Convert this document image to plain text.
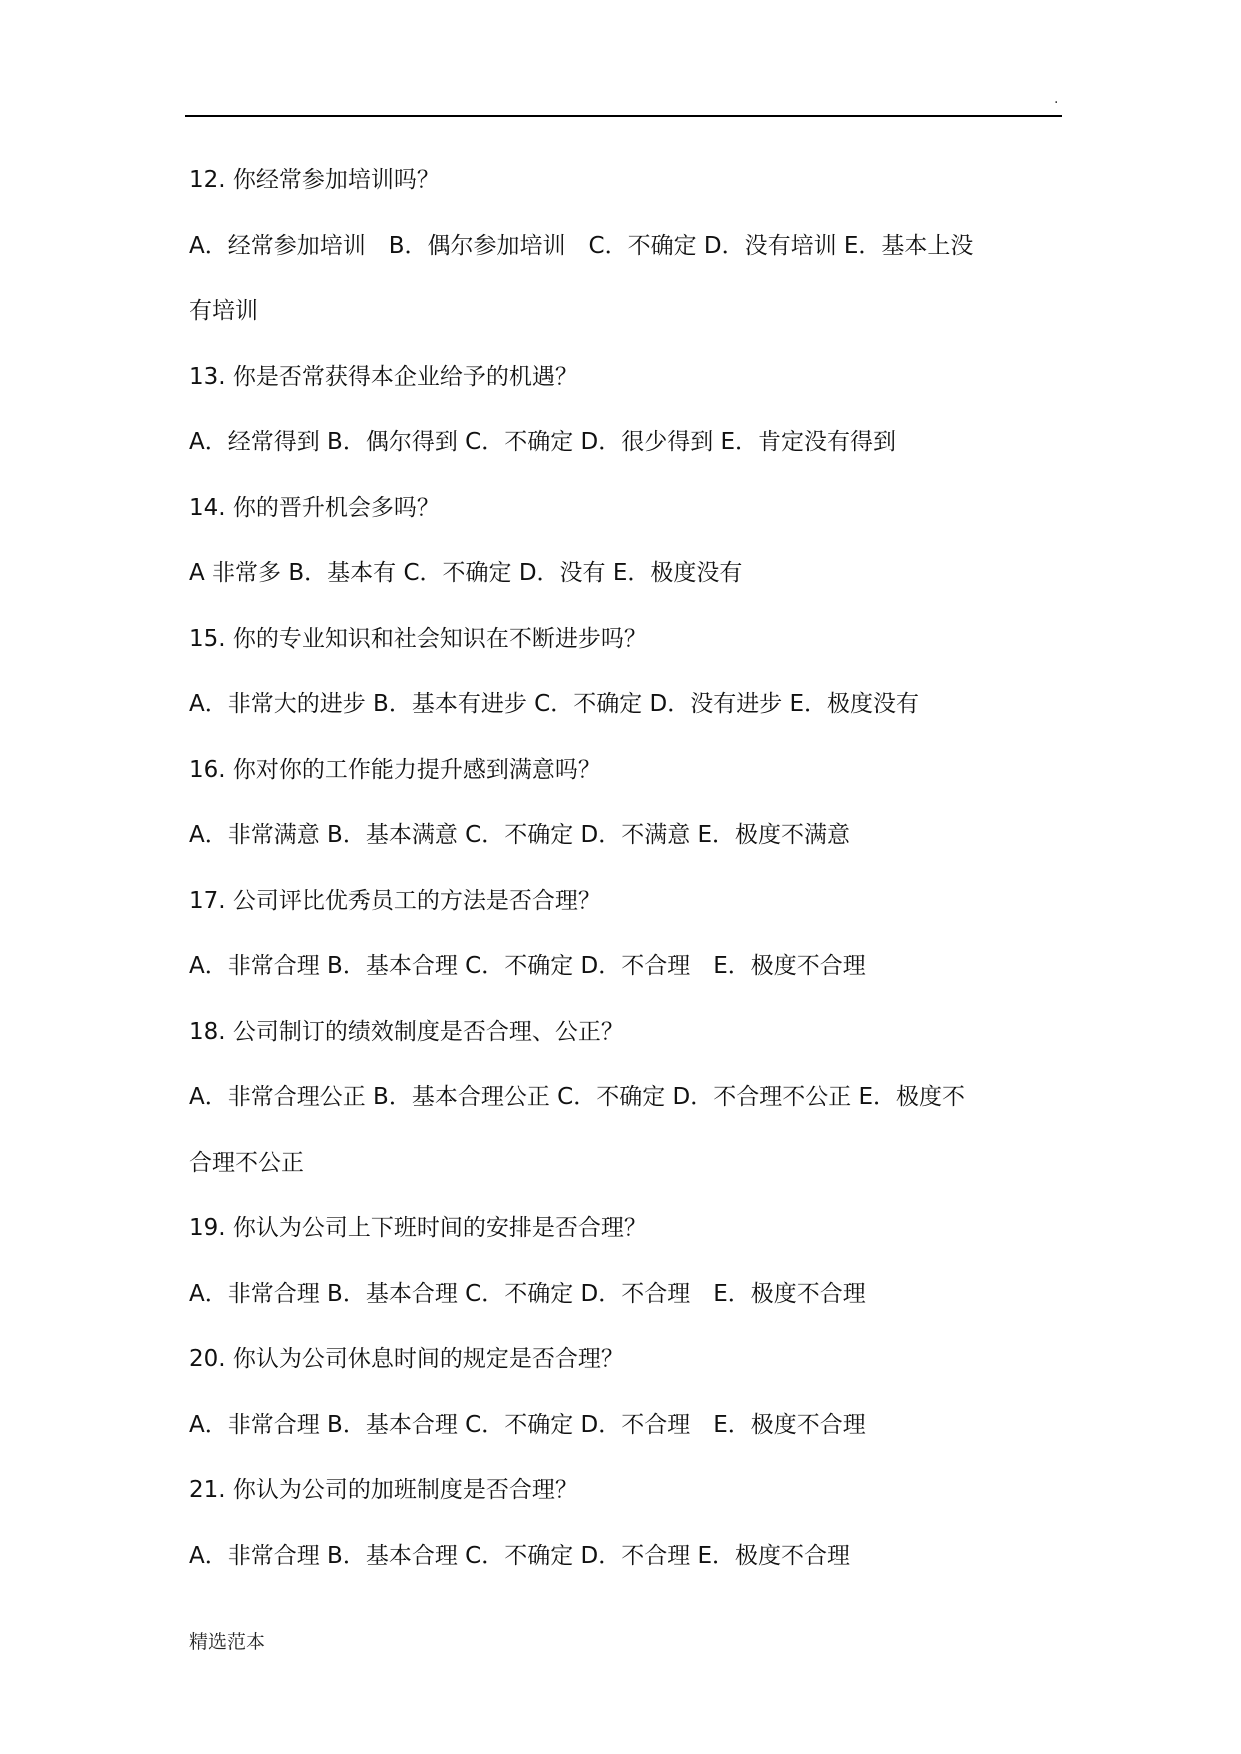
.
12. 你经常参加培训吗？
A．经常参加培训　B．偶尔参加培训　C．不确定 D．没有培训 E．基本上没
有培训
13. 你是否常获得本企业给予的机遇？
A．经常得到 B．偶尔得到 C．不确定 D．很少得到 E．肯定没有得到
14. 你的晋升机会多吗？
A 非常多 B．基本有 C．不确定 D．没有 E．极度没有
15. 你的专业知识和社会知识在不断进步吗？
A．非常大的进步 B．基本有进步 C．不确定 D．没有进步 E．极度没有
16. 你对你的工作能力提升感到满意吗？
A．非常满意 B．基本满意 C．不确定 D．不满意 E．极度不满意
17. 公司评比优秀员工的方法是否合理？
A．非常合理 B．基本合理 C．不确定 D．不合理　E．极度不合理
18. 公司制订的绩效制度是否合理、公正？
A．非常合理公正 B．基本合理公正 C．不确定 D．不合理不公正 E．极度不
合理不公正
19. 你认为公司上下班时间的安排是否合理？
A．非常合理 B．基本合理 C．不确定 D．不合理　E．极度不合理
20. 你认为公司休息时间的规定是否合理？
A．非常合理 B．基本合理 C．不确定 D．不合理　E．极度不合理
21. 你认为公司的加班制度是否合理？
A．非常合理 B．基本合理 C．不确定 D．不合理 E．极度不合理
精选范本
